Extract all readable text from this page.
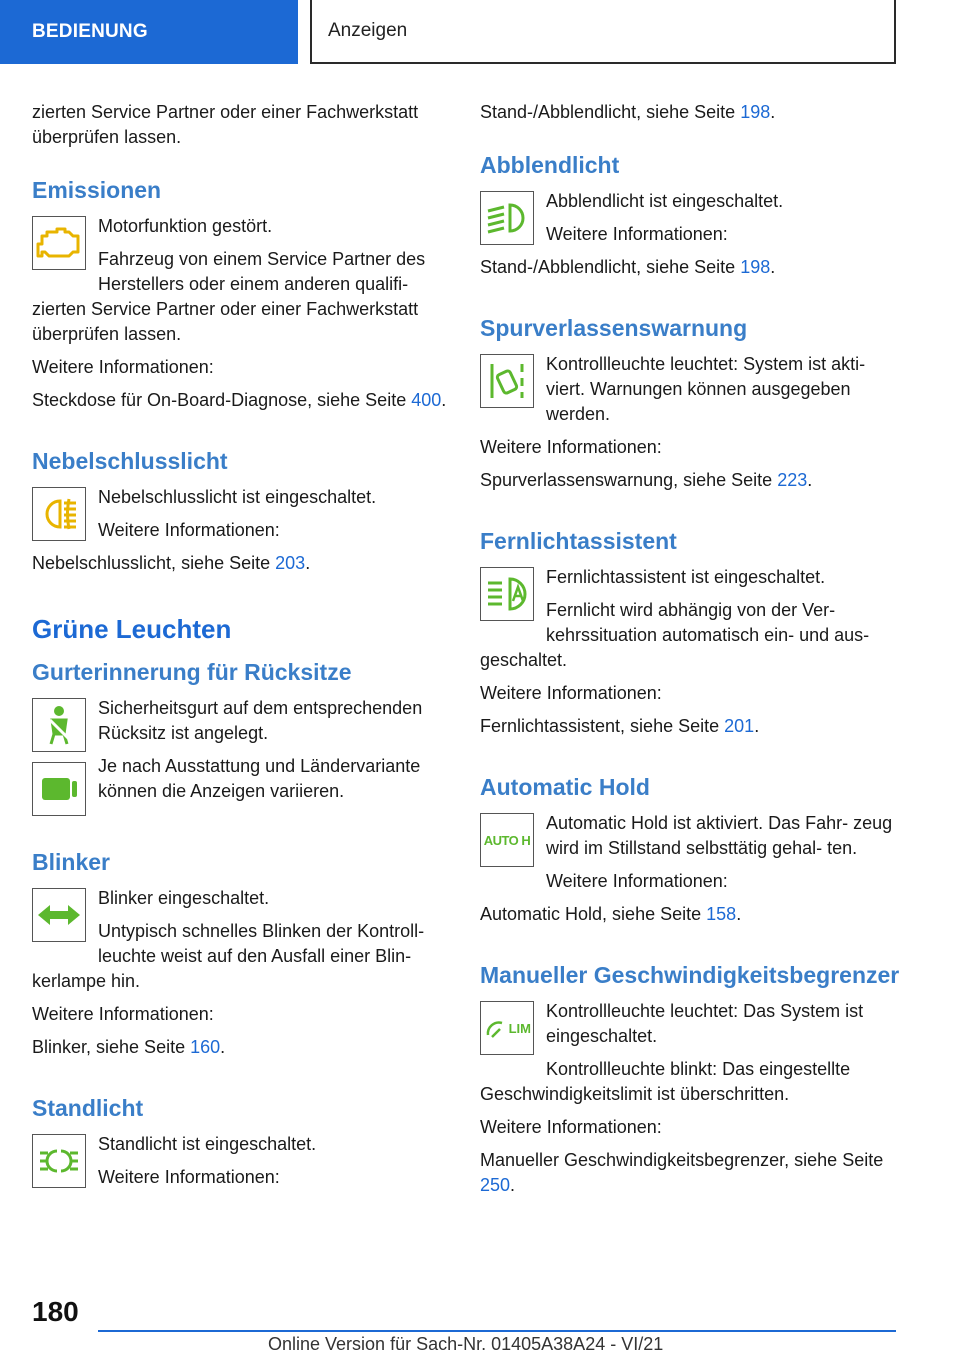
BEDIENUNG	Anzeigen

zierten Service Partner oder einer Fachwerkstatt überprüfen lassen.

Emissionen

Motorfunktion gestört.

Fahrzeug von einem Service Partner des Herstellers oder einem anderen qualifi- zierten Service Partner oder einer Fachwerkstatt überprüfen lassen.

Weitere Informationen:

Steckdose für On-Board-Diagnose, siehe Seite 400.

Nebelschlusslicht

Nebelschlusslicht ist eingeschaltet.

Weitere Informationen:

Nebelschlusslicht, siehe Seite 203.

Grüne Leuchten
Gurterinnerung für Rücksitze

Sicherheitsgurt auf dem entsprechenden Rücksitz ist angelegt.

Je nach Ausstattung und Ländervariante können die Anzeigen variieren.

Blinker

Blinker eingeschaltet.

Untypisch schnelles Blinken der Kontroll- leuchte weist auf den Ausfall einer Blin- kerlampe hin.

Weitere Informationen:

Blinker, siehe Seite 160.

Standlicht

Standlicht ist eingeschaltet.

Weitere Informationen:

Stand-/Abblendlicht, siehe Seite 198.

Abblendlicht

Abblendlicht ist eingeschaltet.

Weitere Informationen:

Stand-/Abblendlicht, siehe Seite 198.

Spurverlassenswarnung

Kontrollleuchte leuchtet: System ist akti- viert. Warnungen können ausgegeben werden.

Weitere Informationen:

Spurverlassenswarnung, siehe Seite 223.

Fernlichtassistent

Fernlichtassistent ist eingeschaltet.

Fernlicht wird abhängig von der Ver- kehrssituation automatisch ein- und aus- geschaltet.

Weitere Informationen:

Fernlichtassistent, siehe Seite 201.

Automatic Hold
AUTO H

Automatic Hold ist aktiviert. Das Fahr- zeug wird im Stillstand selbsttätig gehal- ten.

Weitere Informationen:

Automatic Hold, siehe Seite 158.

Manueller Geschwindigkeitsbegrenzer
LIM

Kontrollleuchte leuchtet: Das System ist eingeschaltet.

Kontrollleuchte blinkt: Das eingestellte Geschwindigkeitslimit ist überschritten.

Weitere Informationen:

Manueller Geschwindigkeitsbegrenzer, siehe Seite 250.

180
Online Version für Sach-Nr. 01405A38A24 - VI/21
